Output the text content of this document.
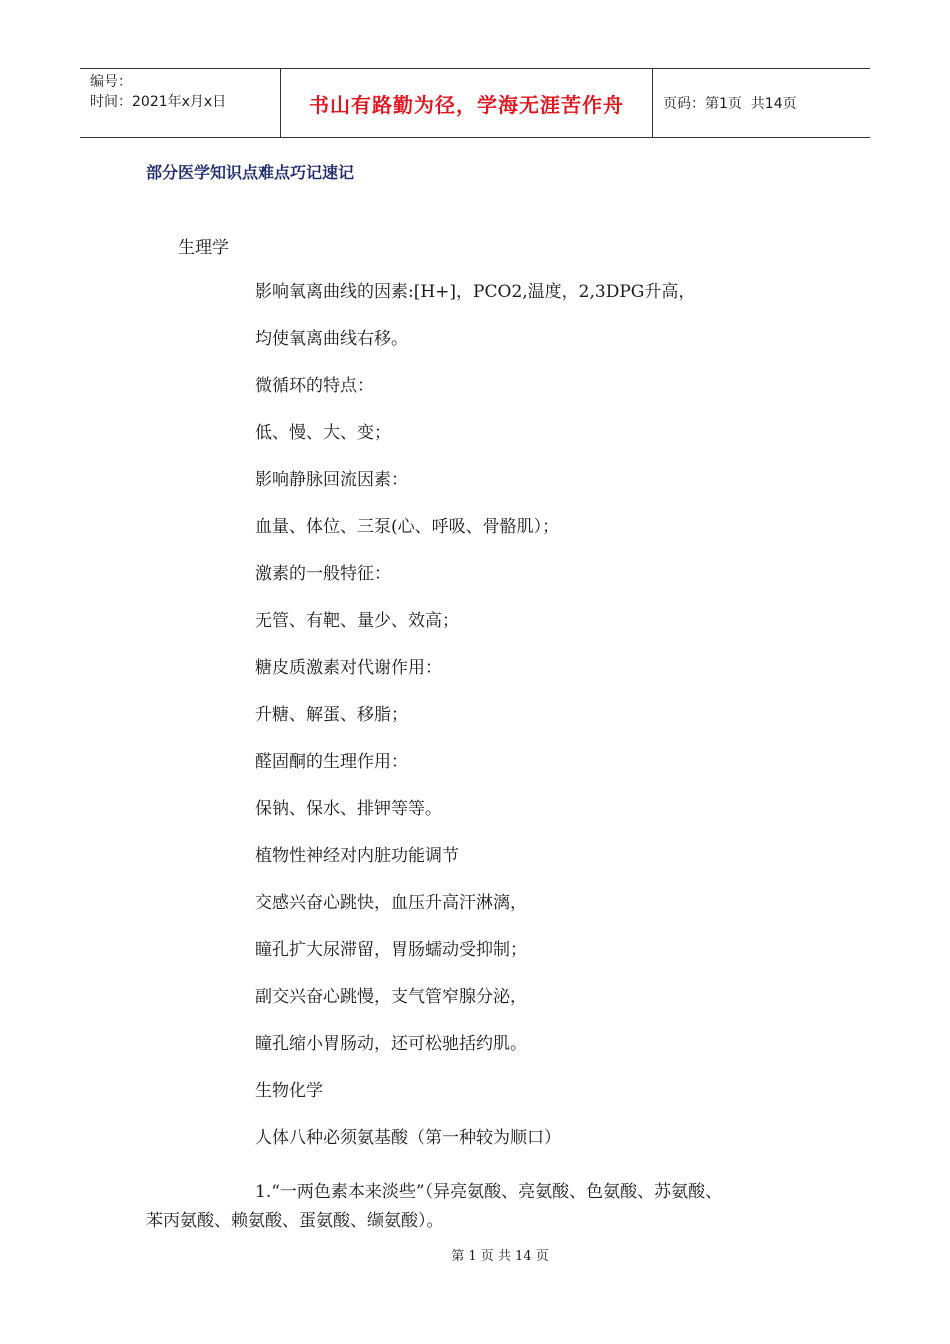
编号：
时间：2021年x月x日	书山有路勤为径，学海无涯苦作舟	页码：第1页  共14页
部分医学知识点难点巧记速记
生理学
影响氧离曲线的因素:[H+]，PCO2,温度，2,3DPG升高，
均使氧离曲线右移。
微循环的特点：
低、慢、大、变；
影响静脉回流因素：
血量、体位、三泵(心、呼吸、骨骼肌）；
激素的一般特征：
无管、有靶、量少、效高；
糖皮质激素对代谢作用：
升糖、解蛋、移脂；
醛固酮的生理作用：
保钠、保水、排钾等等。
植物性神经对内脏功能调节
交感兴奋心跳快，血压升高汗淋漓，
瞳孔扩大尿滞留，胃肠蠕动受抑制；
副交兴奋心跳慢，支气管窄腺分泌，
瞳孔缩小胃肠动，还可松驰括约肌。
生物化学
人体八种必须氨基酸（第一种较为顺口）
1.“一两色素本来淡些”（异亮氨酸、亮氨酸、色氨酸、苏氨酸、
苯丙氨酸、赖氨酸、蛋氨酸、缬氨酸）。
第 1 页 共 14 页
